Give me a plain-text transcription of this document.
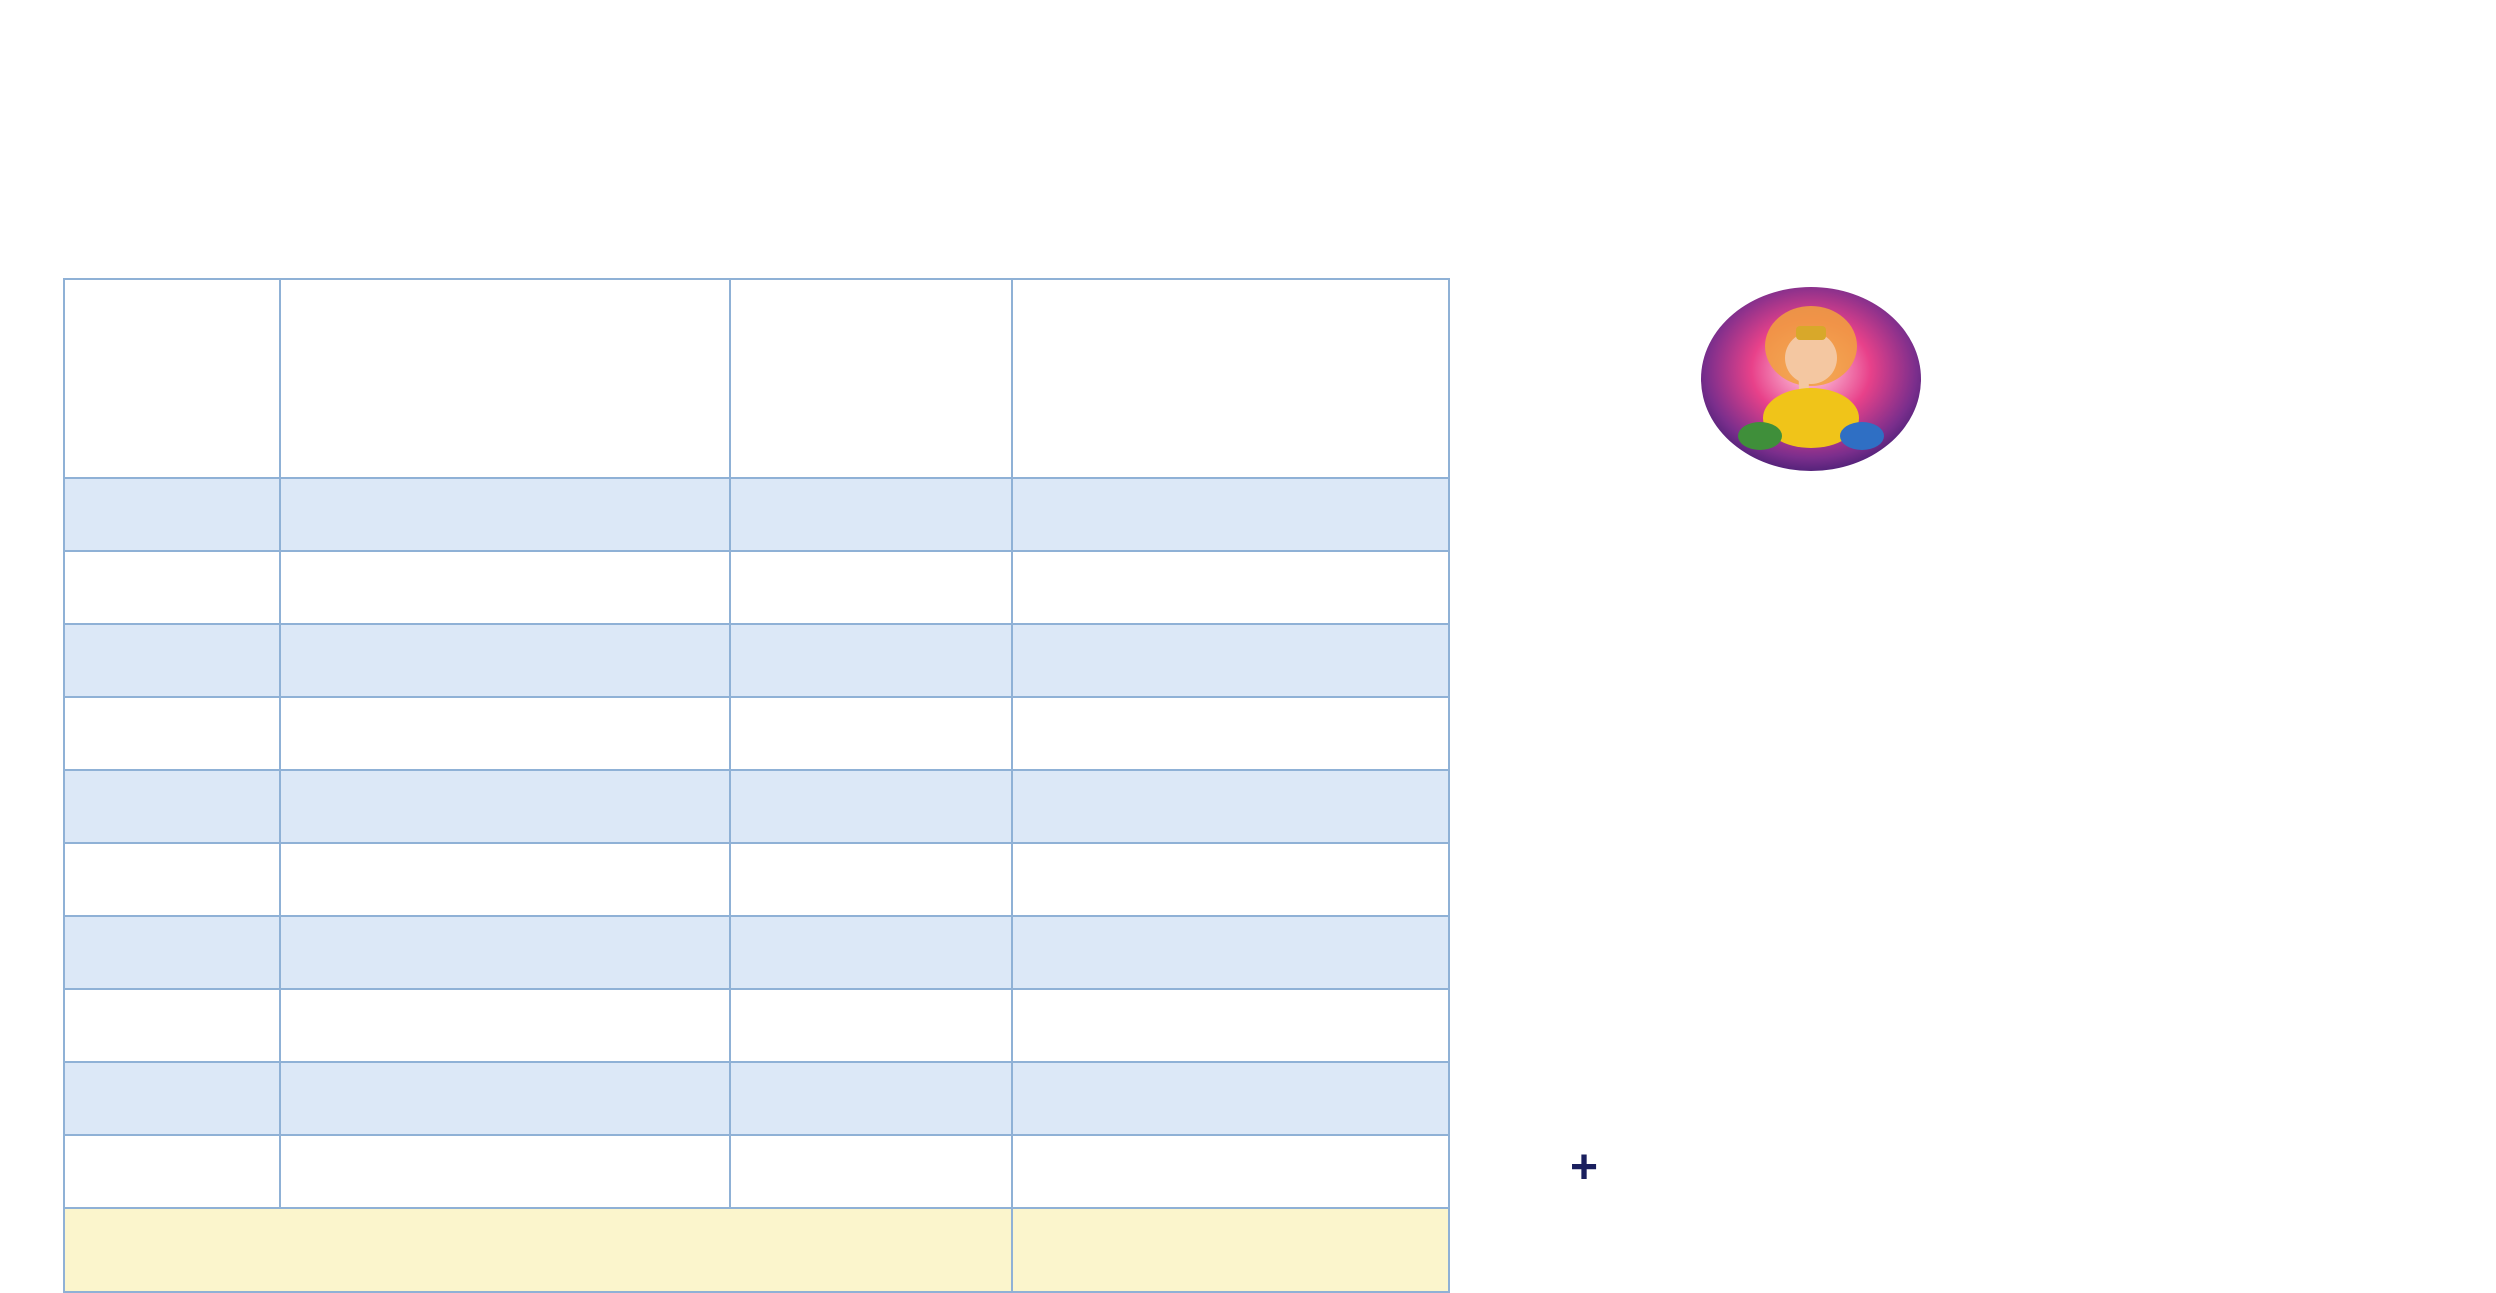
+
